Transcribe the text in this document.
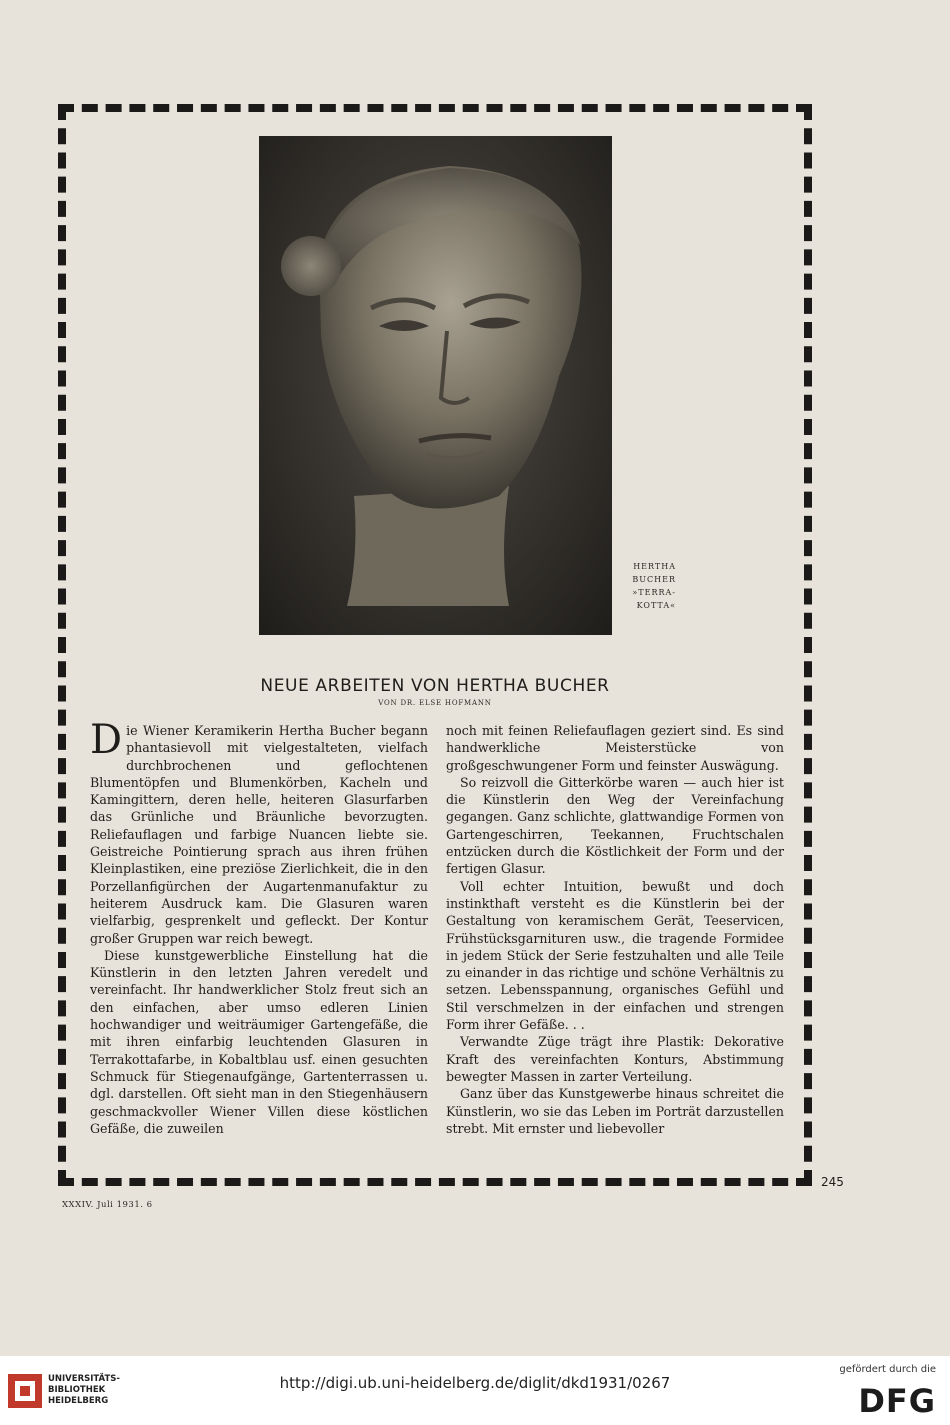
HERTHA
BUCHER
»TERRA-
KOTTA«
NEUE ARBEITEN VON HERTHA BUCHER
VON DR. ELSE HOFMANN

Die Wiener Keramikerin Hertha Bucher begann phantasievoll mit vielgestalteten, vielfach durchbrochenen und geflochtenen Blumentöpfen und Blumenkörben, Kacheln und Kamingittern, deren helle, heiteren Glasurfarben das Grünliche und Bräunliche bevorzugten. Reliefauflagen und farbige Nuancen liebte sie. Geistreiche Pointierung sprach aus ihren frühen Kleinplastiken, eine preziöse Zierlichkeit, die in den Porzellanfigürchen der Augartenmanufaktur zu heiterem Ausdruck kam. Die Glasuren waren vielfarbig, gesprenkelt und gefleckt. Der Kontur großer Gruppen war reich bewegt.

Diese kunstgewerbliche Einstellung hat die Künstlerin in den letzten Jahren veredelt und vereinfacht. Ihr handwerklicher Stolz freut sich an den einfachen, aber umso edleren Linien hochwandiger und weiträumiger Gartengefäße, die mit ihren einfarbig leuchtenden Glasuren in Terrakottafarbe, in Kobaltblau usf. einen gesuchten Schmuck für Stiegenaufgänge, Gartenterrassen u. dgl. darstellen. Oft sieht man in den Stiegenhäusern geschmackvoller Wiener Villen diese köstlichen Gefäße, die zuweilen

noch mit feinen Reliefauflagen geziert sind. Es sind handwerkliche Meisterstücke von großgeschwungener Form und feinster Auswägung.

So reizvoll die Gitterkörbe waren — auch hier ist die Künstlerin den Weg der Vereinfachung gegangen. Ganz schlichte, glattwandige Formen von Gartengeschirren, Teekannen, Fruchtschalen entzücken durch die Köstlichkeit der Form und der fertigen Glasur.

Voll echter Intuition, bewußt und doch instinkthaft versteht es die Künstlerin bei der Gestaltung von keramischem Gerät, Teeservicen, Frühstücksgarnituren usw., die tragende Formidee in jedem Stück der Serie festzuhalten und alle Teile zu einander in das richtige und schöne Verhältnis zu setzen. Lebensspannung, organisches Gefühl und Stil verschmelzen in der einfachen und strengen Form ihrer Gefäße. . .

Verwandte Züge trägt ihre Plastik: Dekorative Kraft des vereinfachten Konturs, Abstimmung bewegter Massen in zarter Verteilung.

Ganz über das Kunstgewerbe hinaus schreitet die Künstlerin, wo sie das Leben im Porträt darzustellen strebt. Mit ernster und liebevoller

245
XXXIV. Juli 1931. 6
UNIVERSITÄTS-
BIBLIOTHEK
HEIDELBERG
http://digi.ub.uni-heidelberg.de/diglit/dkd1931/0267
gefördert durch die
DFG
